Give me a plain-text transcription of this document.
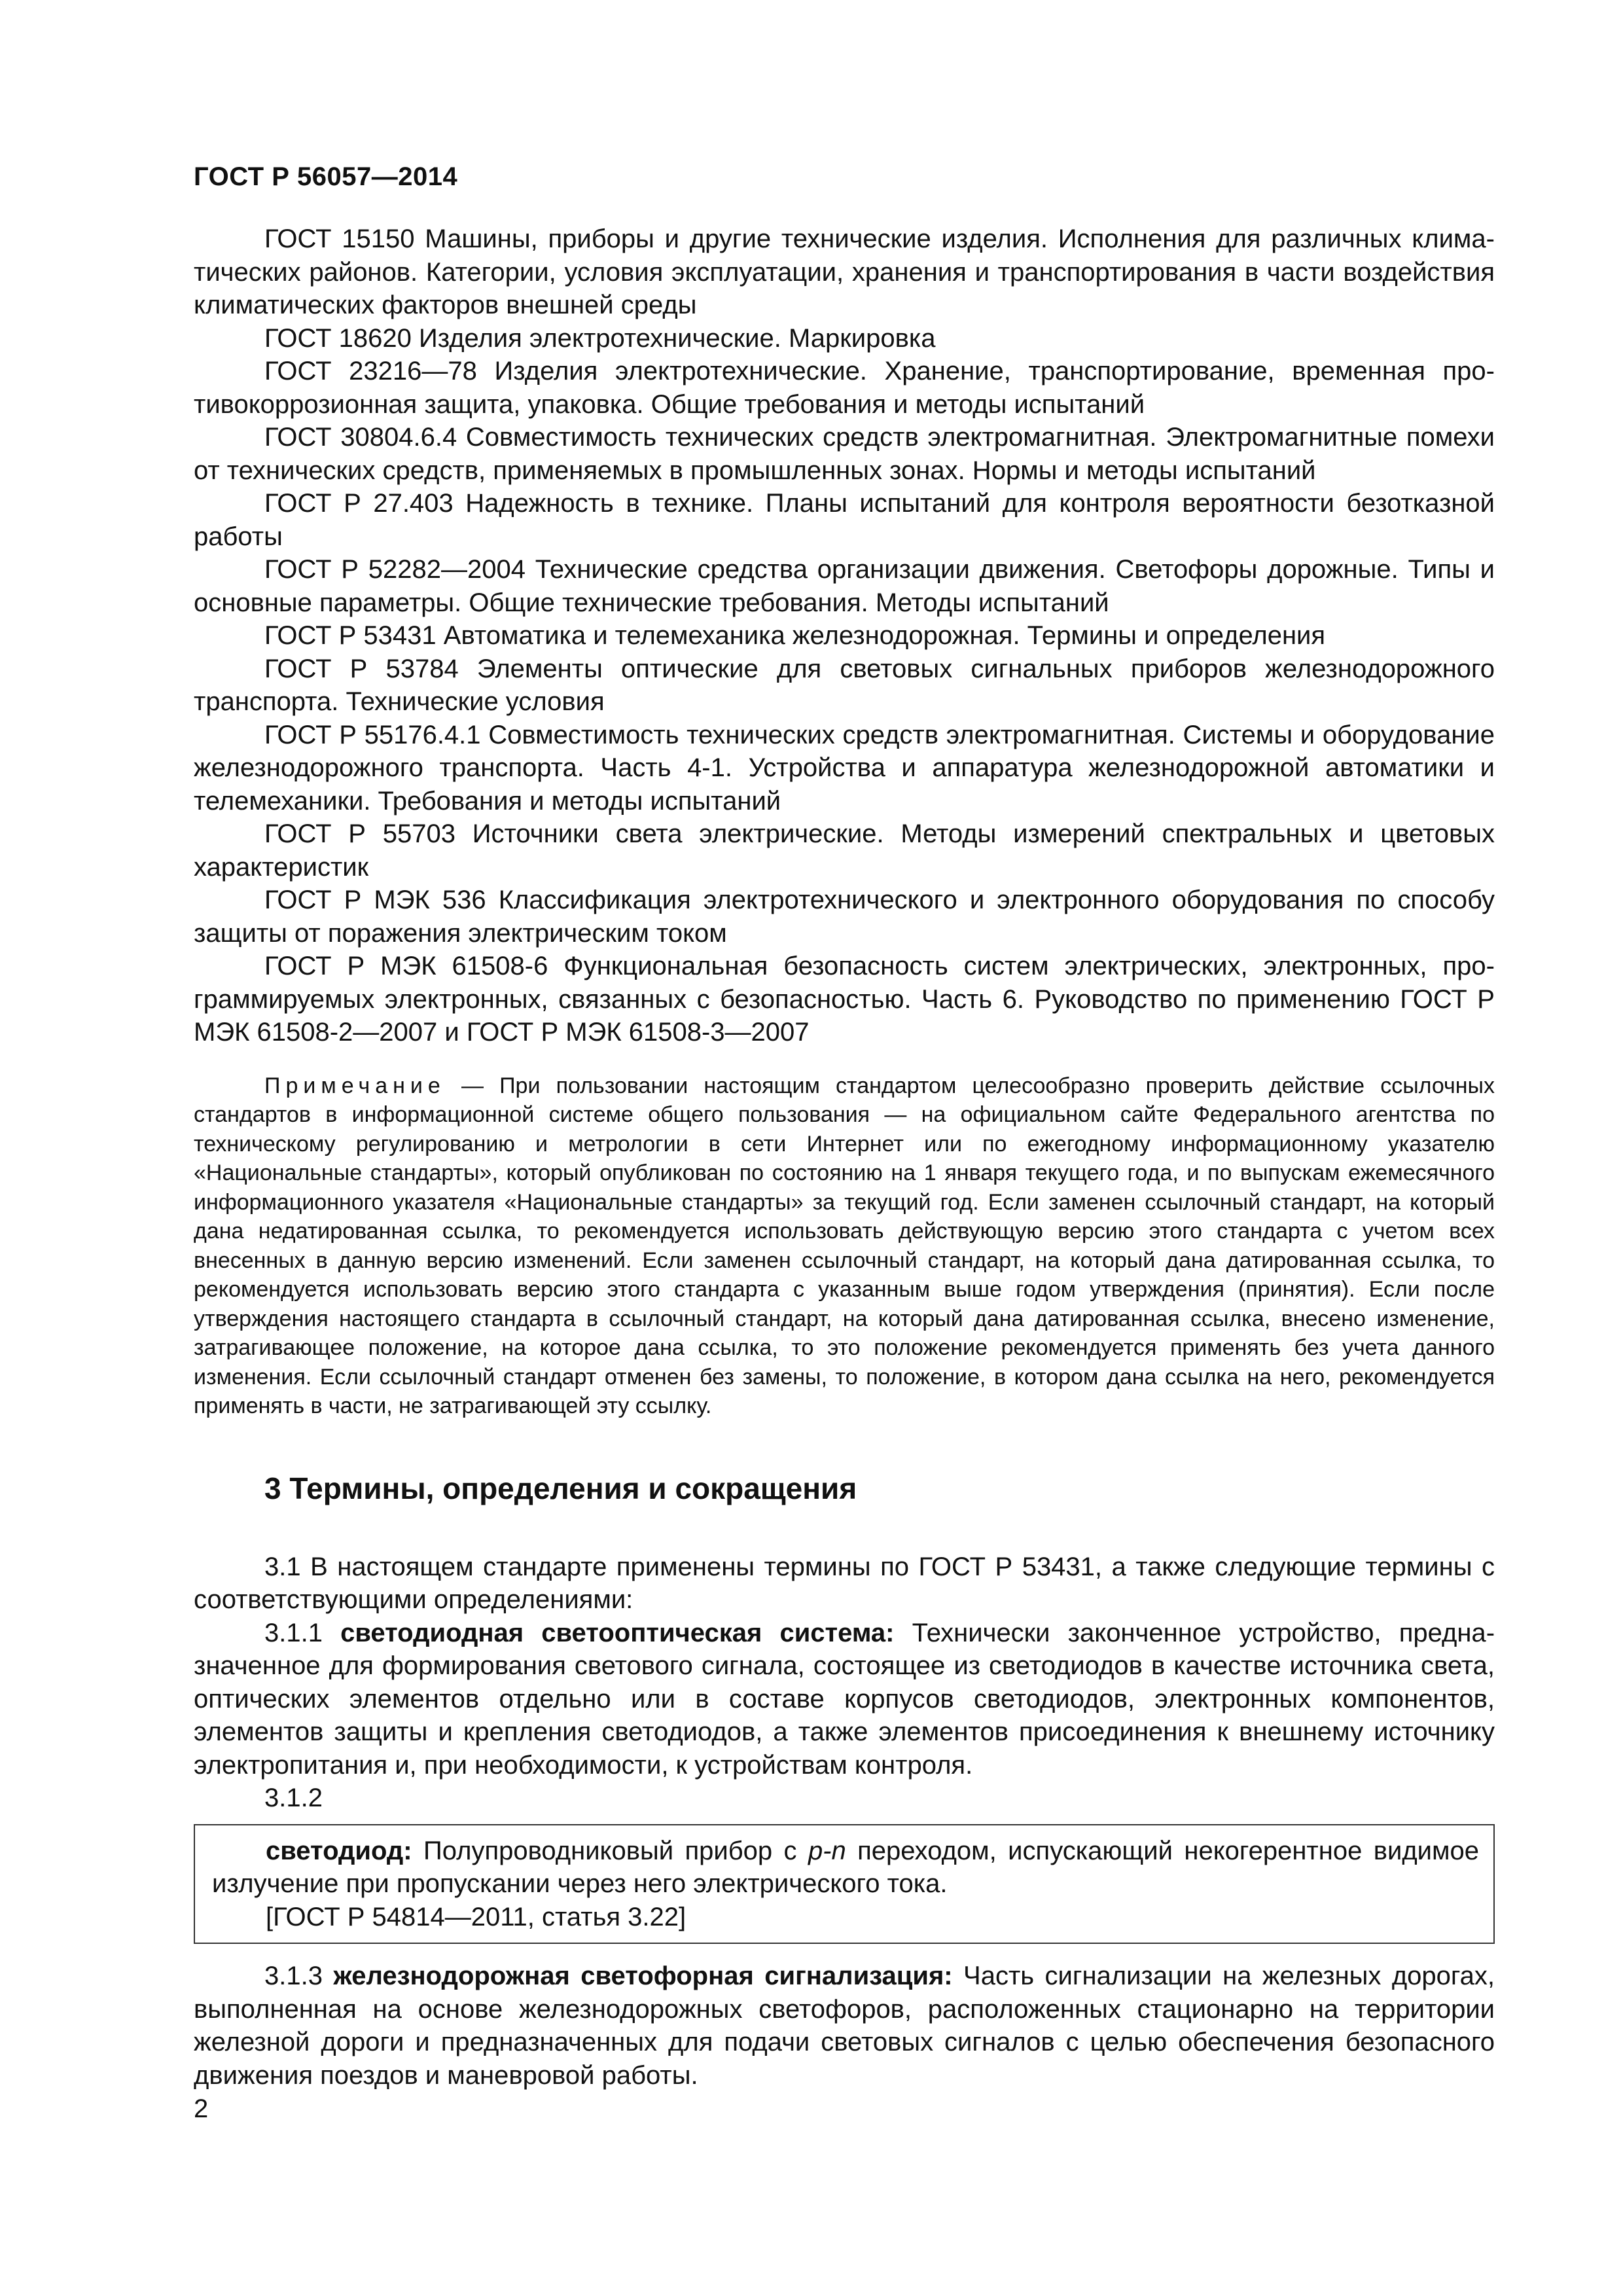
ГОСТ Р 56057—2014

ГОСТ 15150 Машины, приборы и другие технические изделия. Исполнения для различных климатических районов. Категории, условия эксплуатации, хранения и транспортирования в части воздействия климатических факторов внешней среды

ГОСТ 18620 Изделия электротехнические. Маркировка

ГОСТ 23216—78 Изделия электротехнические. Хранение, транспортирование, временная противокоррозионная защита, упаковка. Общие требования и методы испытаний

ГОСТ 30804.6.4 Совместимость технических средств электромагнитная. Электромагнитные помехи от технических средств, применяемых в промышленных зонах. Нормы и методы испытаний

ГОСТ Р 27.403 Надежность в технике. Планы испытаний для контроля вероятности безотказной работы

ГОСТ Р 52282—2004 Технические средства организации движения. Светофоры дорожные. Типы и основные параметры. Общие технические требования. Методы испытаний

ГОСТ Р 53431 Автоматика и телемеханика железнодорожная. Термины и определения

ГОСТ Р 53784 Элементы оптические для световых сигнальных приборов железнодорожного транспорта. Технические условия

ГОСТ Р 55176.4.1 Совместимость технических средств электромагнитная. Системы и оборудование железнодорожного транспорта. Часть 4-1. Устройства и аппаратура железнодорожной автоматики и телемеханики. Требования и методы испытаний

ГОСТ Р 55703 Источники света электрические. Методы измерений спектральных и цветовых характеристик

ГОСТ Р МЭК 536 Классификация электротехнического и электронного оборудования по способу защиты от поражения электрическим током

ГОСТ Р МЭК 61508-6 Функциональная безопасность систем электрических, электронных, программируемых электронных, связанных с безопасностью. Часть 6. Руководство по применению ГОСТ Р МЭК 61508-2—2007 и ГОСТ Р МЭК 61508-3—2007

Примечание — При пользовании настоящим стандартом целесообразно проверить действие ссылочных стандартов в информационной системе общего пользования — на официальном сайте Федерального агентства по техническому регулированию и метрологии в сети Интернет или по ежегодному информационному указателю «Национальные стандарты», который опубликован по состоянию на 1 января текущего года, и по выпускам ежемесячного информационного указателя «Национальные стандарты» за текущий год. Если заменен ссылочный стандарт, на который дана недатированная ссылка, то рекомендуется использовать действующую версию этого стандарта с учетом всех внесенных в данную версию изменений. Если заменен ссылочный стандарт, на который дана датированная ссылка, то рекомендуется использовать версию этого стандарта с указанным выше годом утверждения (принятия). Если после утверждения настоящего стандарта в ссылочный стандарт, на который дана датированная ссылка, внесено изменение, затрагивающее положение, на которое дана ссылка, то это положение рекомендуется применять без учета данного изменения. Если ссылочный стандарт отменен без замены, то положение, в котором дана ссылка на него, рекомендуется применять в части, не затрагивающей эту ссылку.

3 Термины, определения и сокращения

3.1 В настоящем стандарте применены термины по ГОСТ Р 53431, а также следующие термины с соответствующими определениями:

3.1.1 светодиодная светооптическая система: Технически законченное устройство, предназначенное для формирования светового сигнала, состоящее из светодиодов в качестве источника света, оптических элементов отдельно или в составе корпусов светодиодов, электронных компонентов, элементов защиты и крепления светодиодов, а также элементов присоединения к внешнему источнику электропитания и, при необходимости, к устройствам контроля.

3.1.2

светодиод: Полупроводниковый прибор с p-n переходом, испускающий некогерентное видимое излучение при пропускании через него электрического тока.

[ГОСТ Р 54814—2011, статья 3.22]

3.1.3 железнодорожная светофорная сигнализация: Часть сигнализации на железных дорогах, выполненная на основе железнодорожных светофоров, расположенных стационарно на территории железной дороги и предназначенных для подачи световых сигналов с целью обеспечения безопасного движения поездов и маневровой работы.

2
